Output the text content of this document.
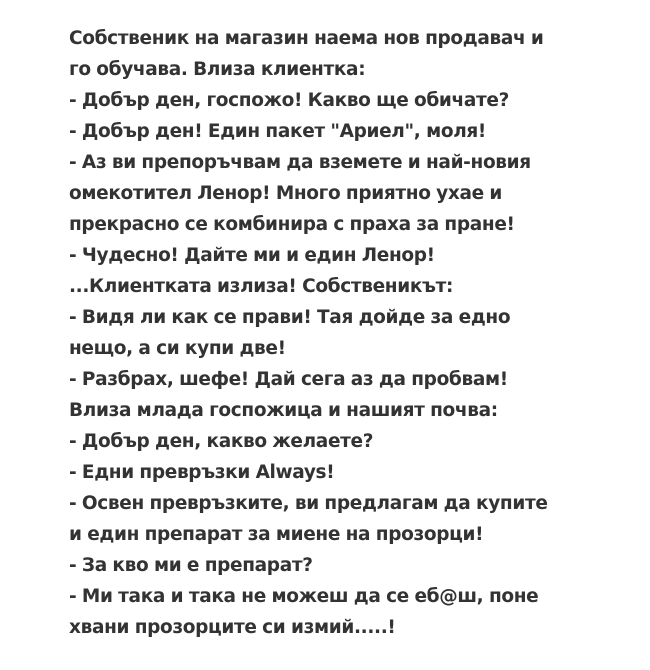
Собственик на магазин наема нов продавач и
го обучава. Влиза клиентка:
- Добър ден, госпожо! Какво ще обичате?
- Добър ден! Един пакет "Ариел", моля!
- Аз ви препоръчвам да вземете и най-новия
омекотител Ленор! Много приятно ухае и
прекрасно се комбинира с праха за пране!
- Чудесно! Дайте ми и един Ленор!
...Клиентката излиза! Собственикът:
- Видя ли как се прави! Тая дойде за едно
нещо, а си купи две!
- Разбрах, шефе! Дай сега аз да пробвам!
Влиза млада госпожица и нашият почва:
- Добър ден, какво желаете?
- Едни превръзки Always!
- Освен превръзките, ви предлагам да купите
и един препарат за миене на прозорци!
- За кво ми е препарат?
- Ми така и така не можеш да се еб@ш, поне
хвани прозорците си измий.....!
